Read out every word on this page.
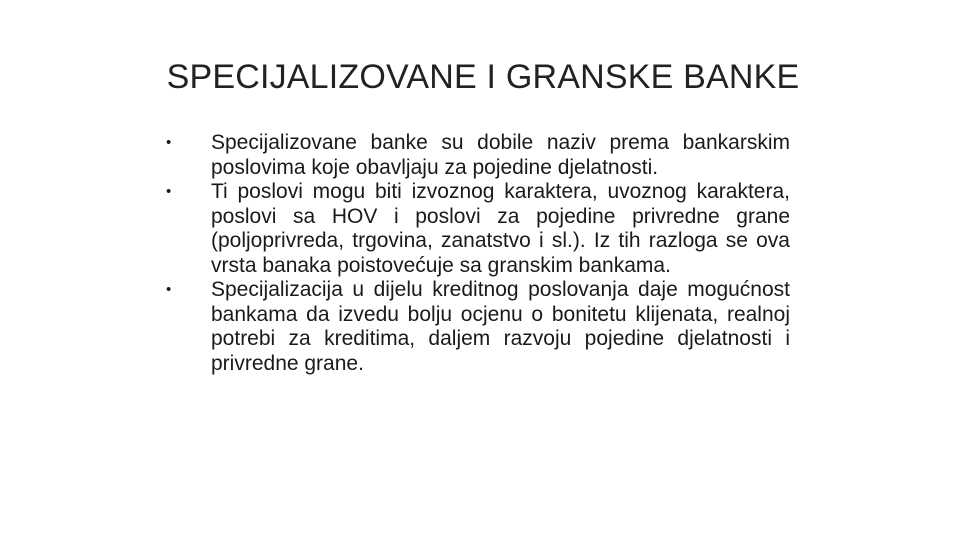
SPECIJALIZOVANE I GRANSKE BANKE
•	Specijalizovane banke su dobile naziv prema bankarskim poslovima koje obavljaju za pojedine djelatnosti.
•	Ti poslovi mogu biti izvoznog karaktera, uvoznog karaktera, poslovi sa HOV i poslovi za pojedine privredne grane (poljoprivreda, trgovina, zanatstvo i sl.). Iz tih razloga se ova vrsta banaka poistovećuje sa granskim bankama.
•	Specijalizacija u dijelu kreditnog poslovanja daje mogućnost bankama da izvedu bolju ocjenu o bonitetu klijenata, realnoj potrebi za kreditima, daljem razvoju pojedine djelatnosti i privredne grane.
